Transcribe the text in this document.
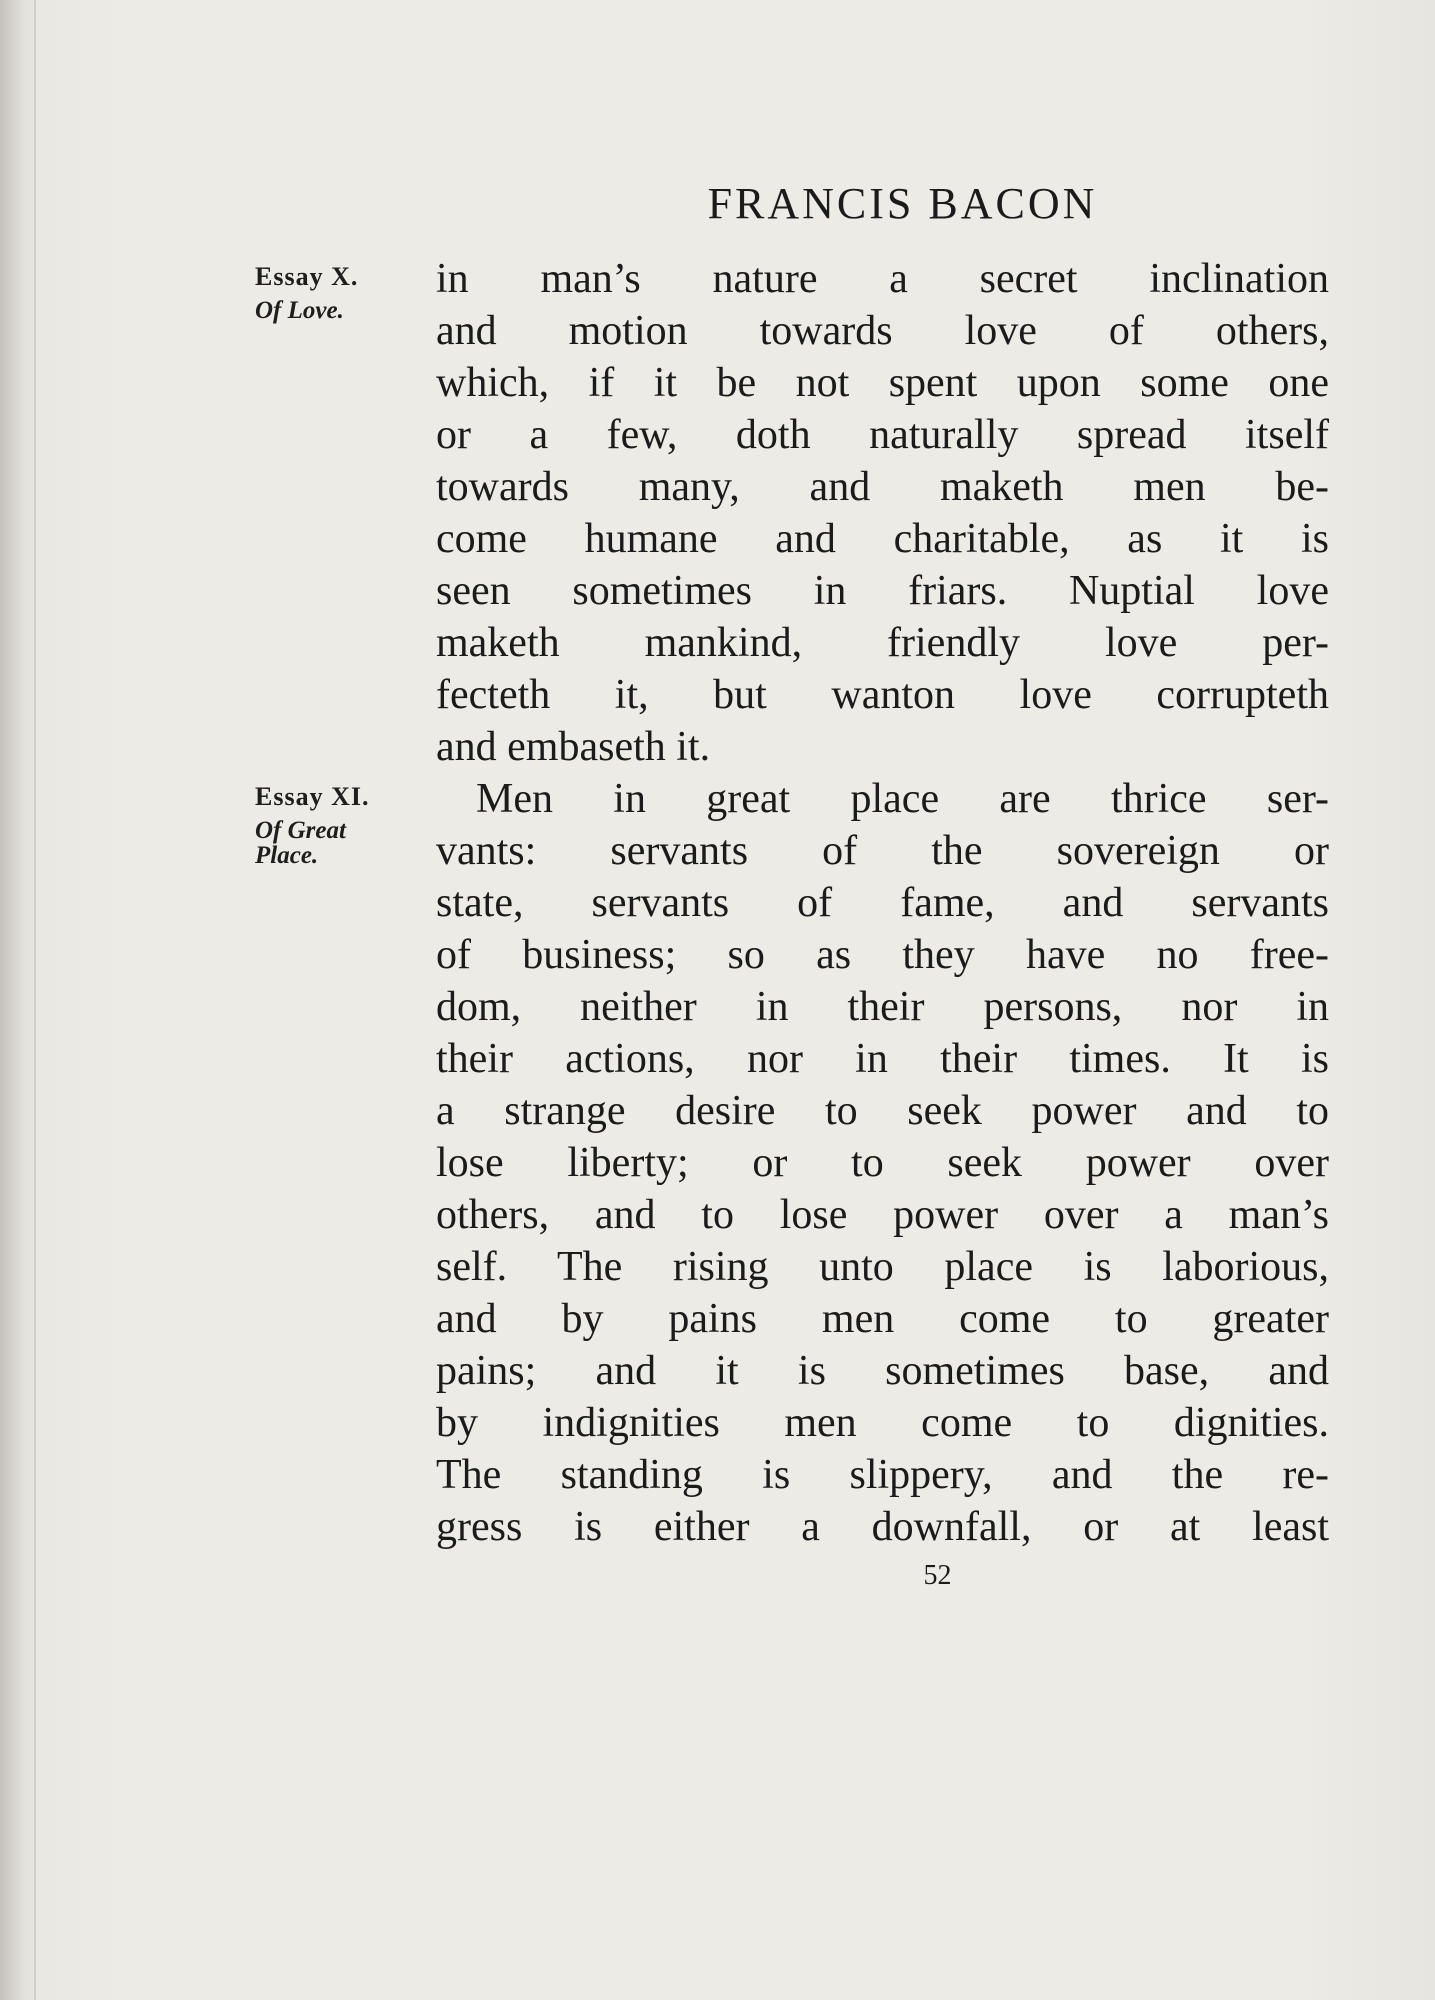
FRANCIS BACON
Essay X.
Of Love.
Essay XI.
Of Great
Place.
in man’s nature a secret inclination
and motion towards love of others,
which, if it be not spent upon some one
or a few, doth naturally spread itself
towards many, and maketh men be-
come humane and charitable, as it is
seen sometimes in friars. Nuptial love
maketh mankind, friendly love per-
fecteth it, but wanton love corrupteth
and embaseth it.
Men in great place are thrice ser-
vants: servants of the sovereign or
state, servants of fame, and servants
of business; so as they have no free-
dom, neither in their persons, nor in
their actions, nor in their times. It is
a strange desire to seek power and to
lose liberty; or to seek power over
others, and to lose power over a man’s
self. The rising unto place is laborious,
and by pains men come to greater
pains; and it is sometimes base, and
by indignities men come to dignities.
The standing is slippery, and the re-
gress is either a downfall, or at least
52
